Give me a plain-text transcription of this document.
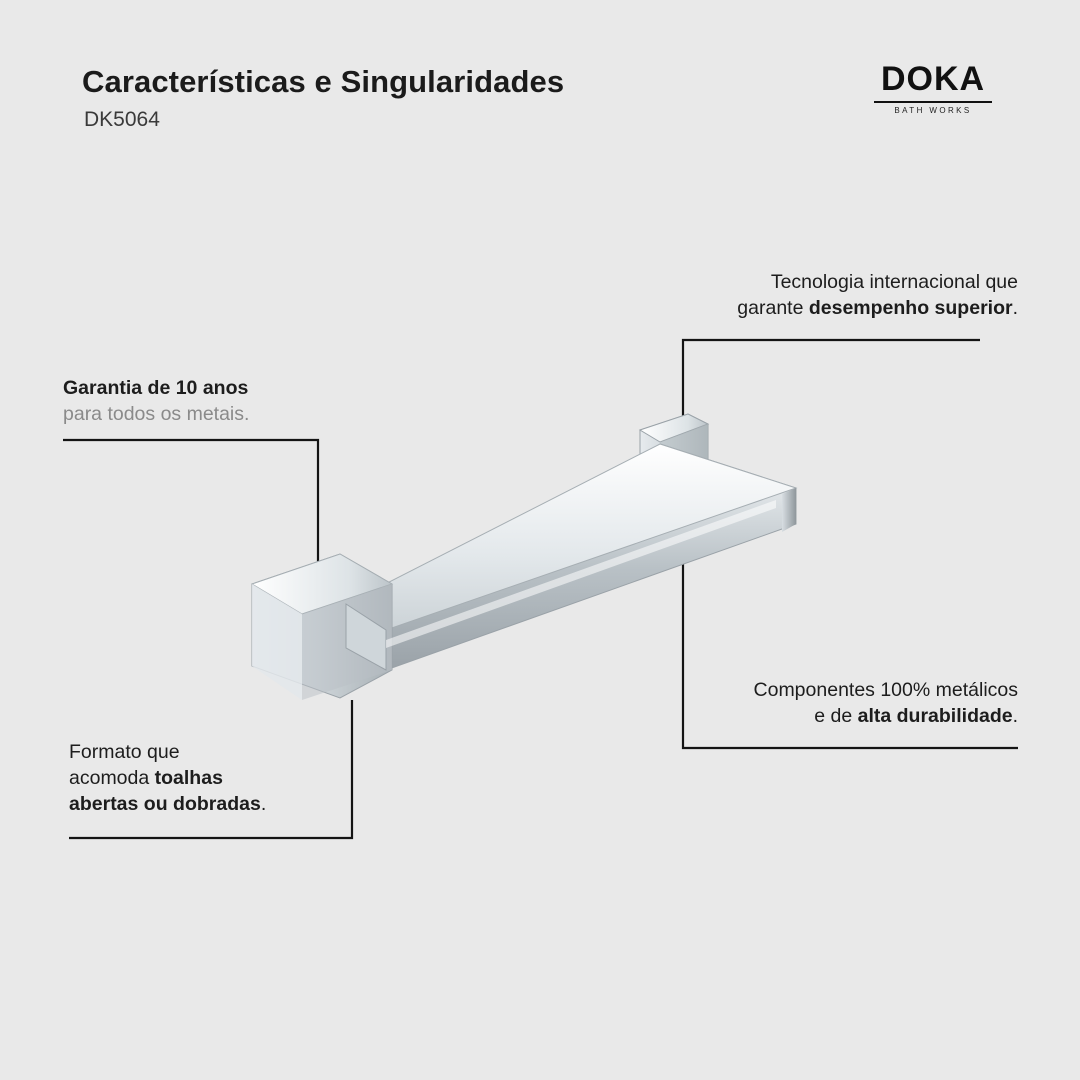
Características e Singularidades
DK5064
DOKA
BATH WORKS
Tecnologia internacional que
garante desempenho superior.
Garantia de 10 anos
para todos os metais.
Componentes 100% metálicos
e de alta durabilidade.
Formato que
acomoda toalhas
abertas ou dobradas.
